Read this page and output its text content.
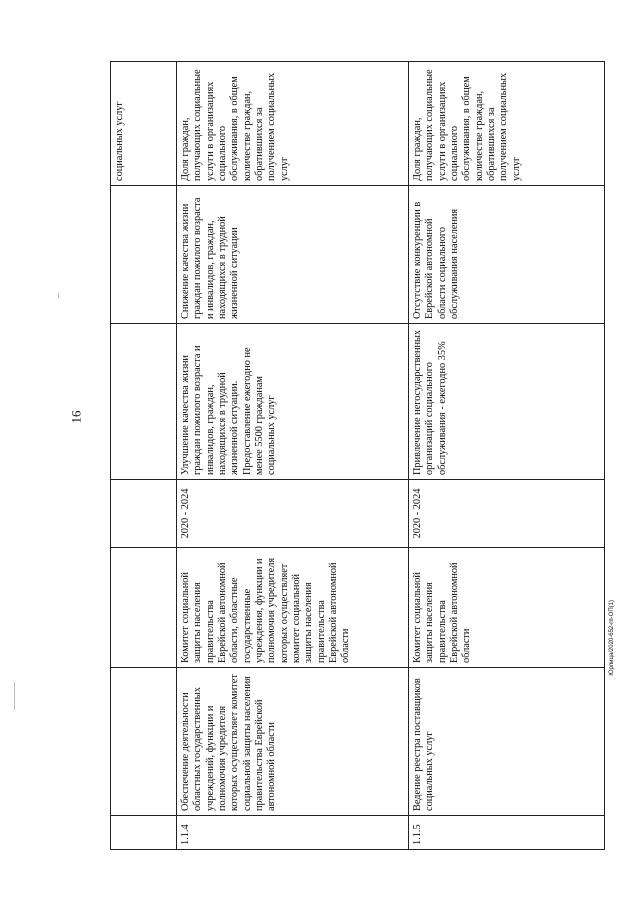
16
						социальных услуг
1.1.4	Обеспечение деятельности областных государственных учреждений, функции и полномочия учредителя которых осуществляет комитет социальной защиты населения правительства Еврейской автономной области	Комитет социальной защиты населения правительства Еврейской автономной области, областные государственные учреждения, функции и полномочия учредителя которых осуществляет комитет социальной защиты населения правительства Еврейской автономной области	2020 - 2024	Улучшение качества жизни граждан пожилого возраста и инвалидов, граждан, находящихся в трудной жизненной ситуации. Предоставление ежегодно не менее 5500 гражданам социальных услуг	Снижение качества жизни граждан пожилого возраста и инвалидов, граждан, находящихся в трудной жизненной ситуации	Доля граждан, получающих социальные услуги в организациях социального обслуживания, в общем количестве граждан, обратившихся за получением социальных услуг
1.1.5	Ведение реестра поставщиков социальных услуг	Комитет социальной защиты населения правительства Еврейской автономной области	2020 - 2024	Привлечение негосударственных организаций социального обслуживания - ежегодно 35%	Отсутствие конкуренции в Еврейской автономной области социального обслуживания населения	Доля граждан, получающих социальные услуги в организациях социального обслуживания, в общем количестве граждан, обратившихся за получением социальных услуг
Юрлица/2020-652-гп-ОП(1)
